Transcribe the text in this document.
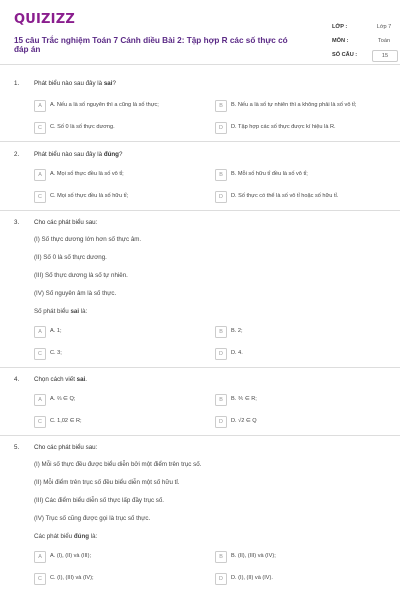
QUIZIZZ
15 câu Trắc nghiệm Toán 7 Cánh diều Bài 2: Tập hợp R các số thực có đáp án
LỚP :	Lớp 7
MÔN :	Toán
SỐ CÂU :	15
1. Phát biểu nào sau đây là sai?
A	A. Nếu a là số nguyên thì a cũng là số thực;	B	B. Nếu a là số tự nhiên thì a không phải là số vô tỉ;
C	C. Số 0 là số thực dương.	D	D. Tập hợp các số thực được kí hiệu là R.
2. Phát biểu nào sau đây là đúng?
A	A. Mọi số thực đều là số vô tỉ;	B	B. Mỗi số hữu tỉ đều là số vô tỉ;
C	C. Mọi số thực đều là số hữu tỉ;	D	D. Số thực có thể là số vô tỉ hoặc số hữu tỉ.
3. Cho các phát biểu sau:
(I) Số thực dương lớn hơn số thực âm.
(II) Số 0 là số thực dương.
(III) Số thực dương là số tự nhiên.
(IV) Số nguyên âm là số thực.
Số phát biểu sai là:
A	A. 1;	B	B. 2;
C	C. 3;	D	D. 4.
4. Chọn cách viết sai.
A	A. ⅔ ∈ Q;	B	B. ⅗ ∈ R;
C	C. 1,02 ∈ R;	D	D. √2 ∈ Q
5. Cho các phát biểu sau:
(I) Mỗi số thực đều được biểu diễn bởi một điểm trên trục số.
(II) Mỗi điểm trên trục số đều biểu diễn một số hữu tỉ.
(III) Các điểm biểu diễn số thực lấp đầy trục số.
(IV) Trục số cũng được gọi là trục số thực.
Các phát biểu đúng là:
A	A. (I), (II) và (III);	B	B. (II), (III) và (IV);
C	C. (I), (III) và (IV);	D	D. (I), (II) và (IV).
